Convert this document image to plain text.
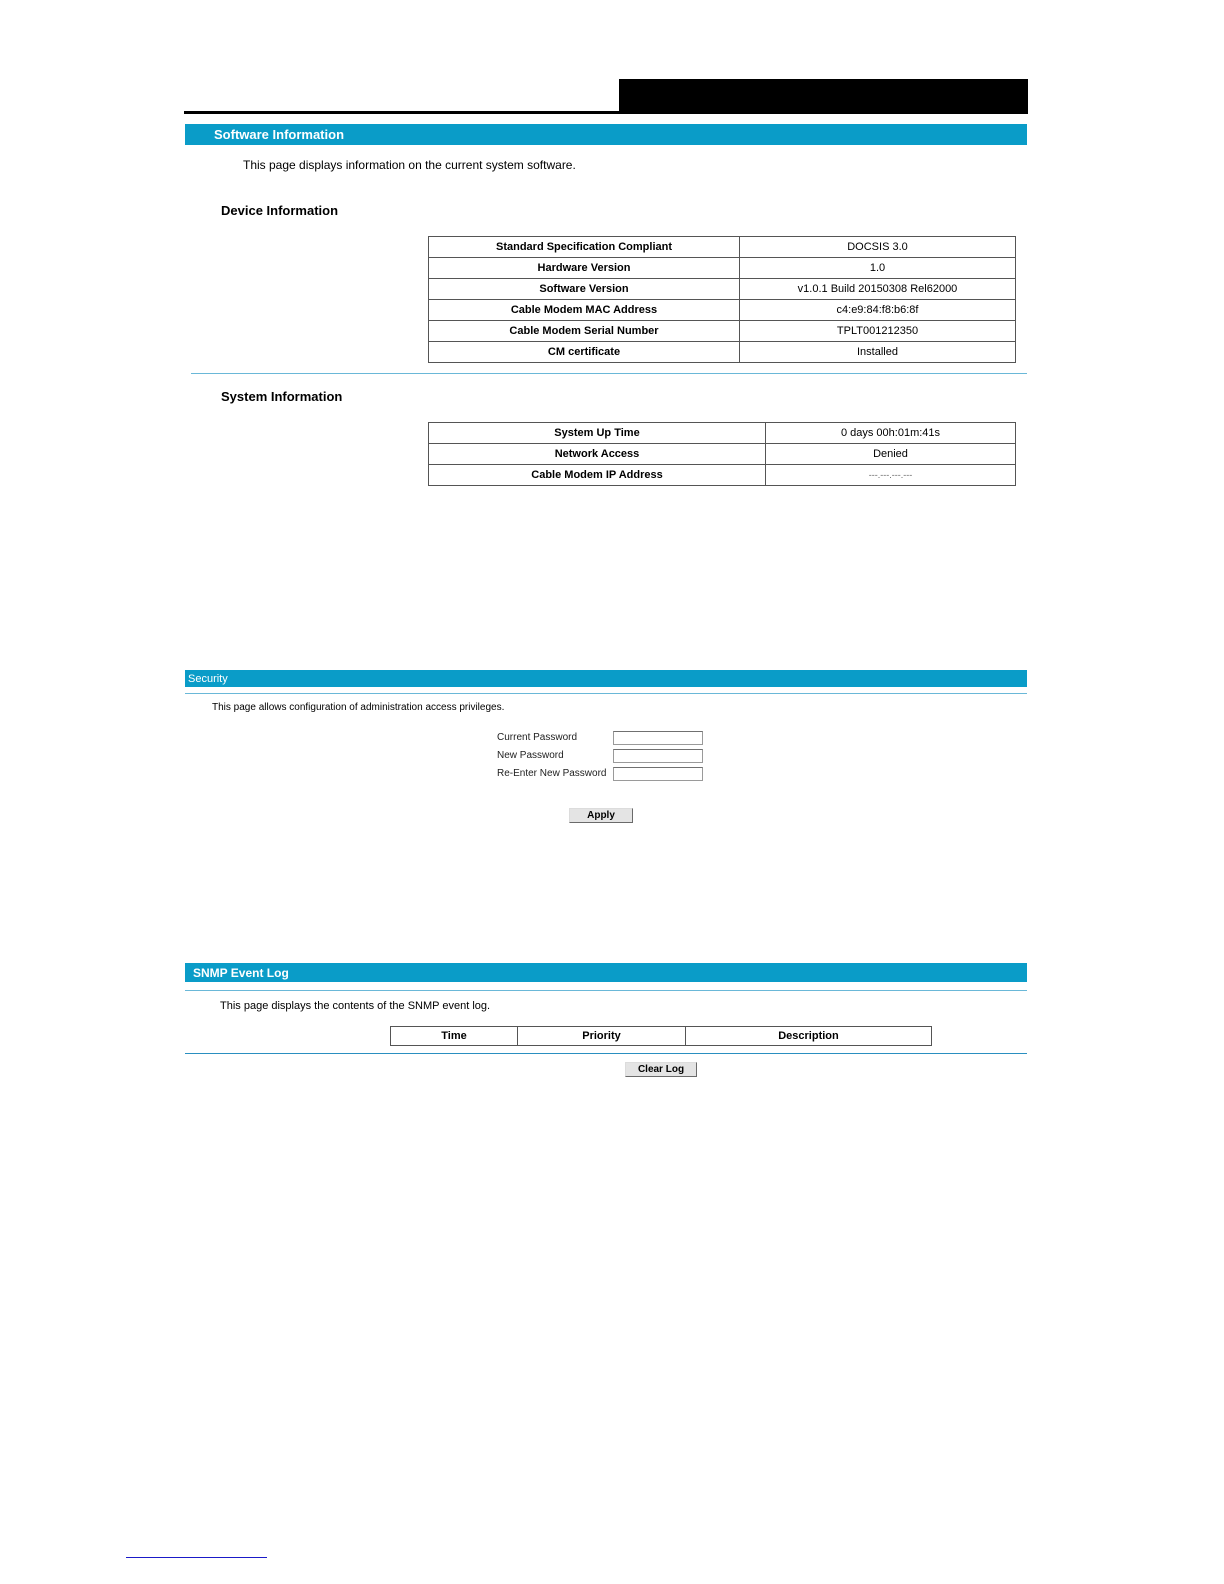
Software Information
This page displays information on the current system software.
Device Information
Standard Specification Compliant	DOCSIS 3.0
Hardware Version	1.0
Software Version	v1.0.1 Build 20150308 Rel62000
Cable Modem MAC Address	c4:e9:84:f8:b6:8f
Cable Modem Serial Number	TPLT001212350
CM certificate	Installed
System Information
System Up Time	0 days 00h:01m:41s
Network Access	Denied
Cable Modem IP Address	---.---.---.---
Security
This page allows configuration of administration access privileges.
Current Password
New Password
Re-Enter New Password
Apply
SNMP Event Log
This page displays the contents of the SNMP event log.
Time	Priority	Description
Clear Log
